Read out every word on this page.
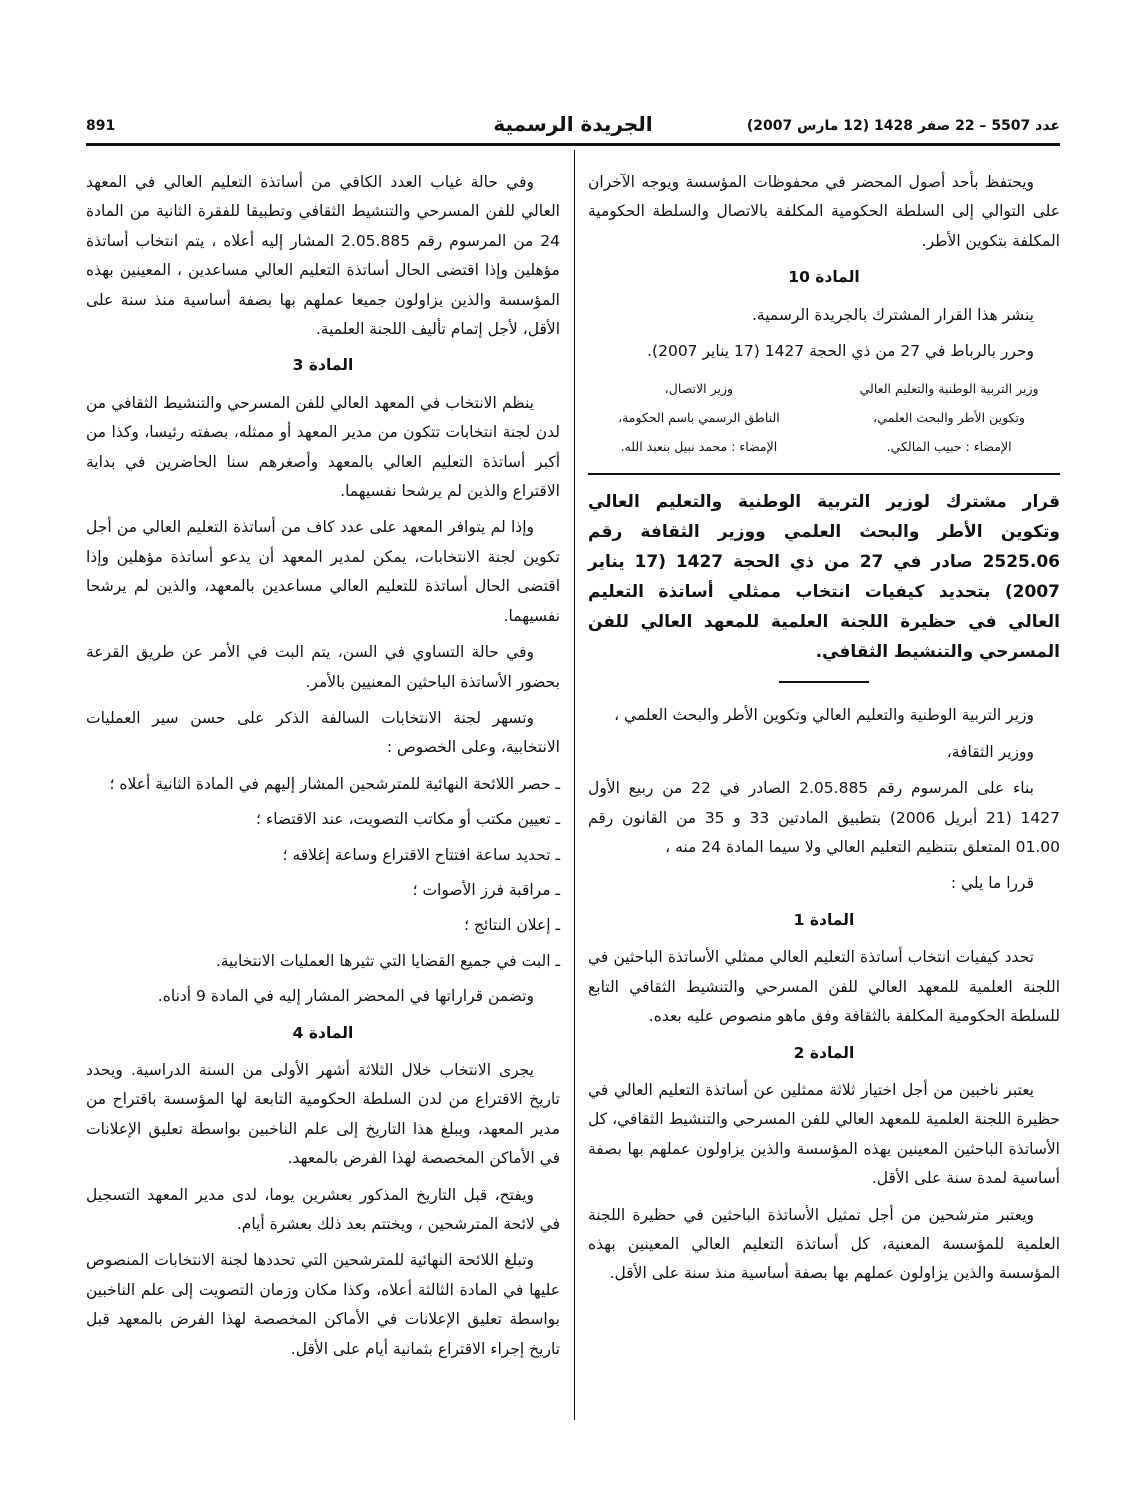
891	الجريدة الرسمية	عدد 5507 – 22 صفر 1428 (12 مارس 2007)

ويحتفظ بأحد أصول المحضر في محفوظات المؤسسة ويوجه الآخران على التوالي إلى السلطة الحكومية المكلفة بالاتصال والسلطة الحكومية المكلفة بتكوين الأطر.

المادة 10

ينشر هذا القرار المشترك بالجريدة الرسمية.

وحرر بالرباط في 27 من ذي الحجة 1427 (17 يناير 2007).

وزير التربية الوطنية والتعليم العالي
وتكوين الأطر والبحث العلمي،
الإمضاء : حبيب المالكي.
وزير الاتصال،
الناطق الرسمي باسم الحكومة،
الإمضاء : محمد نبيل بنعبد الله.

قرار مشترك لوزير التربية الوطنية والتعليم العالي وتكوين الأطر والبحث العلمي ووزير الثقافة رقم 2525.06 صادر في 27 من ذي الحجة 1427 (17 يناير 2007) بتحديد كيفيات انتخاب ممثلي أساتذة التعليم العالي في حظيرة اللجنة العلمية للمعهد العالي للفن المسرحي والتنشيط الثقافي.

وزير التربية الوطنية والتعليم العالي وتكوين الأطر والبحث العلمي ،

ووزير الثقافة،

بناء على المرسوم رقم 2.05.885 الصادر في 22 من ربيع الأول 1427 (21 أبريل 2006) بتطبيق المادتين 33 و 35 من القانون رقم 01.00 المتعلق بتنظيم التعليم العالي ولا سيما المادة 24 منه ،

قررا ما يلي :

المادة 1

تحدد كيفيات انتخاب أساتذة التعليم العالي ممثلي الأساتذة الباحثين في اللجنة العلمية للمعهد العالي للفن المسرحي والتنشيط الثقافي التابع للسلطة الحكومية المكلفة بالثقافة وفق ماهو منصوص عليه بعده.

المادة 2

يعتبر ناخبين من أجل اختيار ثلاثة ممثلين عن أساتذة التعليم العالي في حظيرة اللجنة العلمية للمعهد العالي للفن المسرحي والتنشيط الثقافي، كل الأساتذة الباحثين المعينين بهذه المؤسسة والذين يزاولون عملهم بها بصفة أساسية لمدة سنة على الأقل.

ويعتبر مترشحين من أجل تمثيل الأساتذة الباحثين في حظيرة اللجنة العلمية للمؤسسة المعنية، كل أساتذة التعليم العالي المعينين بهذه المؤسسة والذين يزاولون عملهم بها بصفة أساسية منذ سنة على الأقل.

وفي حالة غياب العدد الكافي من أساتذة التعليم العالي في المعهد العالي للفن المسرحي والتنشيط الثقافي وتطبيقا للفقرة الثانية من المادة 24 من المرسوم رقم 2.05.885 المشار إليه أعلاه ، يتم انتخاب أساتذة مؤهلين وإذا اقتضى الحال أساتذة التعليم العالي مساعدين ، المعينين بهذه المؤسسة والذين يزاولون جميعا عملهم بها بصفة أساسية منذ سنة على الأقل، لأجل إتمام تأليف اللجنة العلمية.

المادة 3

ينظم الانتخاب في المعهد العالي للفن المسرحي والتنشيط الثقافي من لدن لجنة انتخابات تتكون من مدير المعهد أو ممثله، بصفته رئيسا، وكذا من أكبر أساتذة التعليم العالي بالمعهد وأصغرهم سنا الحاضرين في بداية الاقتراع والذين لم يرشحا نفسيهما.

وإذا لم يتوافر المعهد على عدد كاف من أساتذة التعليم العالي من أجل تكوين لجنة الانتخابات، يمكن لمدير المعهد أن يدعو أساتذة مؤهلين وإذا اقتضى الحال أساتذة للتعليم العالي مساعدين بالمعهد، والذين لم يرشحا نفسيهما.

وفي حالة التساوي في السن، يتم البت في الأمر عن طريق القرعة بحضور الأساتذة الباحثين المعنيين بالأمر.

وتسهر لجنة الانتخابات السالفة الذكر على حسن سير العمليات الانتخابية، وعلى الخصوص :

ـ حصر اللائحة النهائية للمترشحين المشار إليهم في المادة الثانية أعلاه ؛

ـ تعيين مكتب أو مكاتب التصويت، عند الاقتضاء ؛

ـ تحديد ساعة افتتاح الاقتراع وساعة إغلاقه ؛

ـ مراقبة فرز الأصوات ؛

ـ إعلان النتائج ؛

ـ البت في جميع القضايا التي تثيرها العمليات الانتخابية.

وتضمن قراراتها في المحضر المشار إليه في المادة 9 أدناه.

المادة 4

يجرى الانتخاب خلال الثلاثة أشهر الأولى من السنة الدراسية. ويحدد تاريخ الاقتراع من لدن السلطة الحكومية التابعة لها المؤسسة باقتراح من مدير المعهد، ويبلغ هذا التاريخ إلى علم الناخبين بواسطة تعليق الإعلانات في الأماكن المخصصة لهذا الفرض بالمعهد.

ويفتح، قبل التاريخ المذكور بعشرين يوما، لدى مدير المعهد التسجيل في لائحة المترشحين ، ويختتم بعد ذلك بعشرة أيام.

وتبلغ اللائحة النهائية للمترشحين التي تحددها لجنة الانتخابات المنصوص عليها في المادة الثالثة أعلاه، وكذا مكان وزمان التصويت إلى علم الناخبين بواسطة تعليق الإعلانات في الأماكن المخصصة لهذا الفرض بالمعهد قبل تاريخ إجراء الاقتراع بثمانية أيام على الأقل.
